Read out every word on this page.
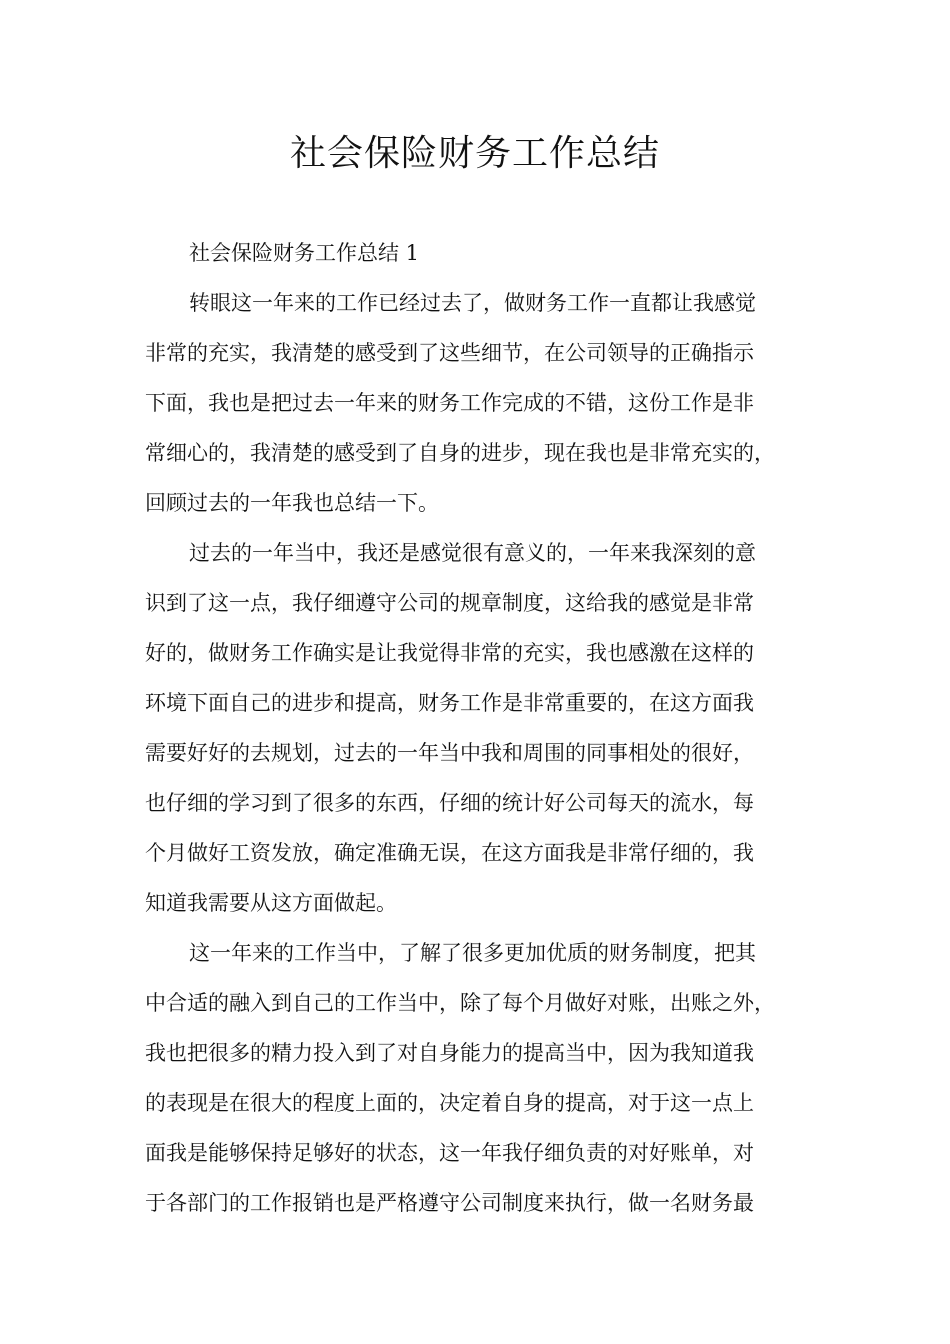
社会保险财务工作总结

社会保险财务工作总结 1

转眼这一年来的工作已经过去了，做财务工作一直都让我感觉

非常的充实，我清楚的感受到了这些细节，在公司领导的正确指示

下面，我也是把过去一年来的财务工作完成的不错，这份工作是非

常细心的，我清楚的感受到了自身的进步，现在我也是非常充实的，

回顾过去的一年我也总结一下。

过去的一年当中，我还是感觉很有意义的，一年来我深刻的意

识到了这一点，我仔细遵守公司的规章制度，这给我的感觉是非常

好的，做财务工作确实是让我觉得非常的充实，我也感激在这样的

环境下面自己的进步和提高，财务工作是非常重要的，在这方面我

需要好好的去规划，过去的一年当中我和周围的同事相处的很好，

也仔细的学习到了很多的东西，仔细的统计好公司每天的流水，每

个月做好工资发放，确定准确无误，在这方面我是非常仔细的，我

知道我需要从这方面做起。

这一年来的工作当中，了解了很多更加优质的财务制度，把其

中合适的融入到自己的工作当中，除了每个月做好对账，出账之外，

我也把很多的精力投入到了对自身能力的提高当中，因为我知道我

的表现是在很大的程度上面的，决定着自身的提高，对于这一点上

面我是能够保持足够好的状态，这一年我仔细负责的对好账单，对

于各部门的工作报销也是严格遵守公司制度来执行，做一名财务最
